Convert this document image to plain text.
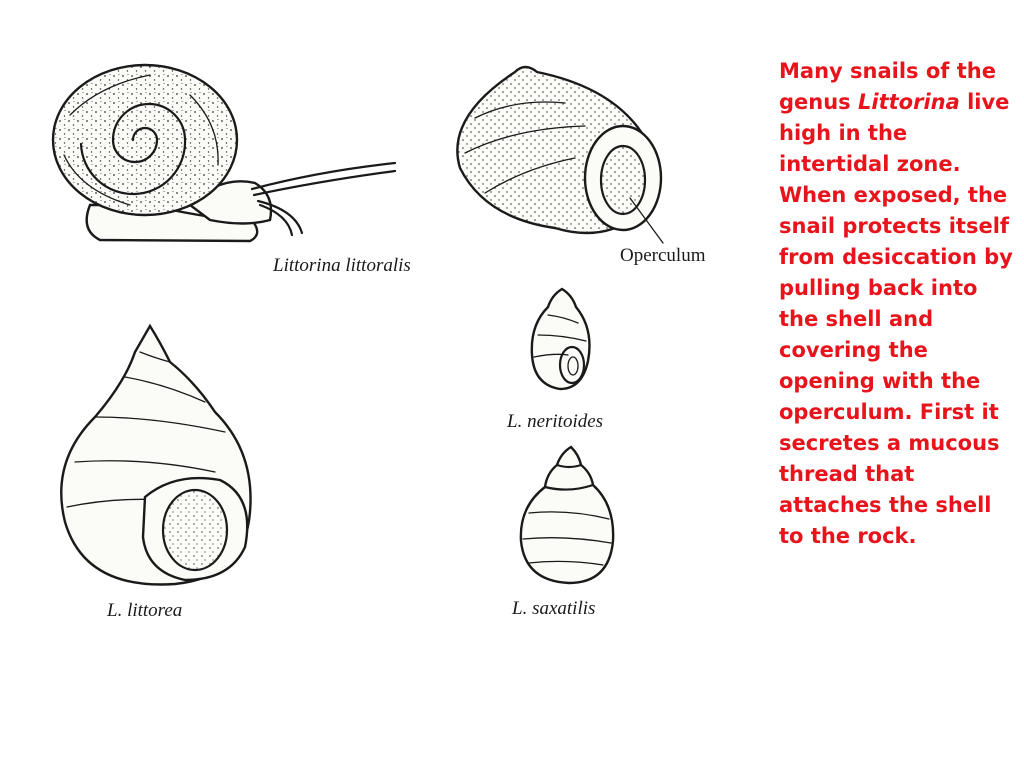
Littorina littoralis	Operculum
L. littorea
L. neritoides
L. saxatilis
Many snails of the genus Littorina live high in the intertidal zone. When exposed, the snail protects itself from desiccation by pulling back into the shell and covering the opening with the operculum. First it secretes a mucous thread that attaches the shell to the rock.
